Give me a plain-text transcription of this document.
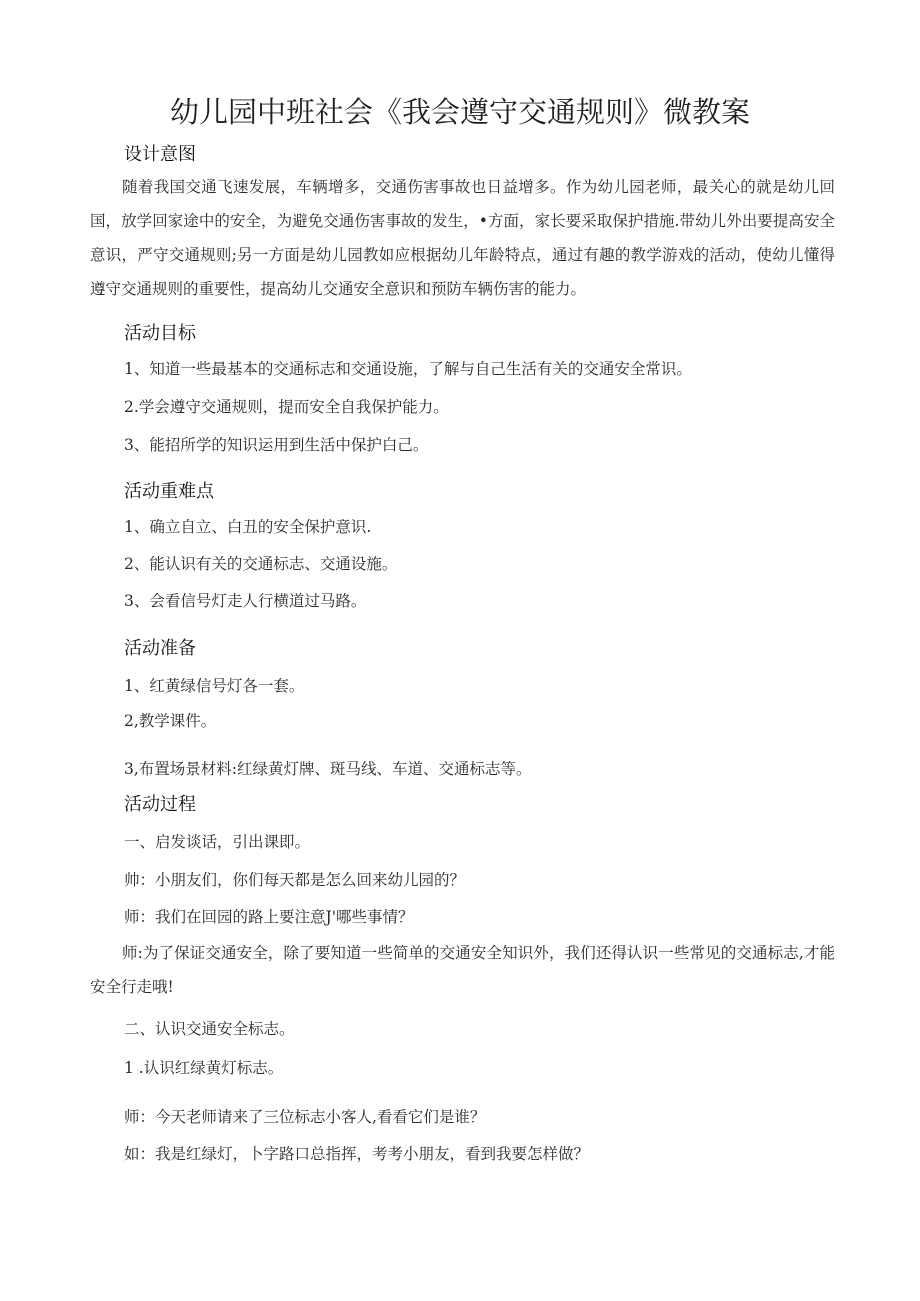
幼儿园中班社会《我会遵守交通规则》微教案
设计意图
随着我国交通飞速发展，车辆增多，交通伤害事故也日益增多。作为幼儿园老师，最关心的就是幼儿回国，放学回家途中的安全，为避免交通伤害事故的发生，•方面，家长要采取保护措施.带幼儿外出要提高安全意识，严守交通规则;另一方面是幼儿园教如应根据幼儿年龄特点，通过有趣的教学游戏的活动，使幼儿懂得遵守交通规则的重要性，提高幼儿交通安全意识和预防车辆伤害的能力。
活动目标
1、知道一些最基本的交通标志和交通设施，了解与自己生活有关的交通安全常识。
2.学会遵守交通规则，提而安全自我保护能力。
3、能招所学的知识运用到生活中保护白己。
活动重难点
1、确立自立、白丑的安全保护意识.
2、能认识有关的交通标志、交通设施。
3、会看信号灯走人行横道过马路。
活动准备
1、红黄绿信号灯各一套。
2,教学课件。
3,布置场景材料:红绿黄灯牌、斑马线、车道、交通标志等。
活动过程
一、启发谈话，引出课即。
帅：小朋友们，你们每天都是怎么回来幼儿园的？
师：我们在回园的路上要注意J'哪些事情？
师:为了保证交通安全，除了要知道一些简单的交通安全知识外，我们还得认识一些常见的交通标志,才能安全行走哦!
二、认识交通安全标志。
1 .认识红绿黄灯标志。
师：今天老师请来了三位标志小客人,看看它们是谁？
如：我是红绿灯，卜字路口总指挥，考考小朋友，看到我要怎样做？
